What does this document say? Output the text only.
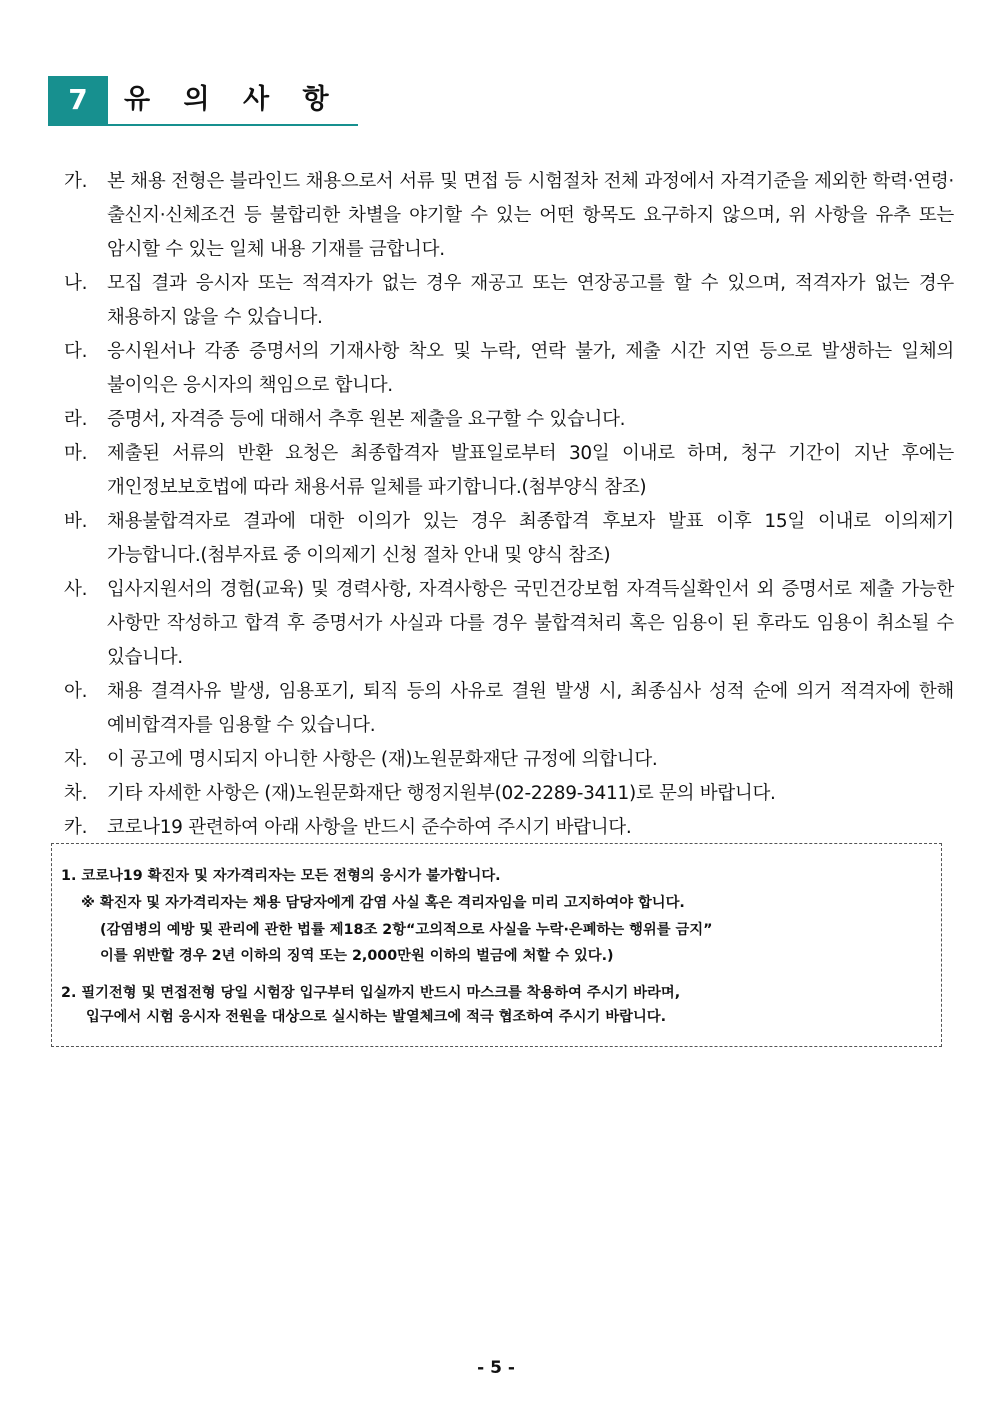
7	유 의 사 항
가. 본 채용 전형은 블라인드 채용으로서 서류 및 면접 등 시험절차 전체 과정에서 자격기준을 제외한 학력·연령·출신지·신체조건 등 불합리한 차별을 야기할 수 있는 어떤 항목도 요구하지 않으며, 위 사항을 유추 또는 암시할 수 있는 일체 내용 기재를 금합니다.
나. 모집 결과 응시자 또는 적격자가 없는 경우 재공고 또는 연장공고를 할 수 있으며, 적격자가 없는 경우 채용하지 않을 수 있습니다.
다. 응시원서나 각종 증명서의 기재사항 착오 및 누락, 연락 불가, 제출 시간 지연 등으로 발생하는 일체의 불이익은 응시자의 책임으로 합니다.
라. 증명서, 자격증 등에 대해서 추후 원본 제출을 요구할 수 있습니다.
마. 제출된 서류의 반환 요청은 최종합격자 발표일로부터 30일 이내로 하며, 청구 기간이 지난 후에는 개인정보보호법에 따라 채용서류 일체를 파기합니다.(첨부양식 참조)
바. 채용불합격자로 결과에 대한 이의가 있는 경우 최종합격 후보자 발표 이후 15일 이내로 이의제기 가능합니다.(첨부자료 중 이의제기 신청 절차 안내 및 양식 참조)
사. 입사지원서의 경험(교육) 및 경력사항, 자격사항은 국민건강보험 자격득실확인서 외 증명서로 제출 가능한 사항만 작성하고 합격 후 증명서가 사실과 다를 경우 불합격처리 혹은 임용이 된 후라도 임용이 취소될 수 있습니다.
아. 채용 결격사유 발생, 임용포기, 퇴직 등의 사유로 결원 발생 시, 최종심사 성적 순에 의거 적격자에 한해 예비합격자를 임용할 수 있습니다.
자. 이 공고에 명시되지 아니한 사항은 (재)노원문화재단 규정에 의합니다.
차. 기타 자세한 사항은 (재)노원문화재단 행정지원부(02-2289-3411)로 문의 바랍니다.
카. 코로나19 관련하여 아래 사항을 반드시 준수하여 주시기 바랍니다.
1. 코로나19 확진자 및 자가격리자는 모든 전형의 응시가 불가합니다.
※ 확진자 및 자가격리자는 채용 담당자에게 감염 사실 혹은 격리자임을 미리 고지하여야 합니다.
(감염병의 예방 및 관리에 관한 법률 제18조 2항“고의적으로 사실을 누락·은폐하는 행위를 금지”
이를 위반할 경우 2년 이하의 징역 또는 2,000만원 이하의 벌금에 처할 수 있다.)
2. 필기전형 및 면접전형 당일 시험장 입구부터 입실까지 반드시 마스크를 착용하여 주시기 바라며,
입구에서 시험 응시자 전원을 대상으로 실시하는 발열체크에 적극 협조하여 주시기 바랍니다.
- 5 -
